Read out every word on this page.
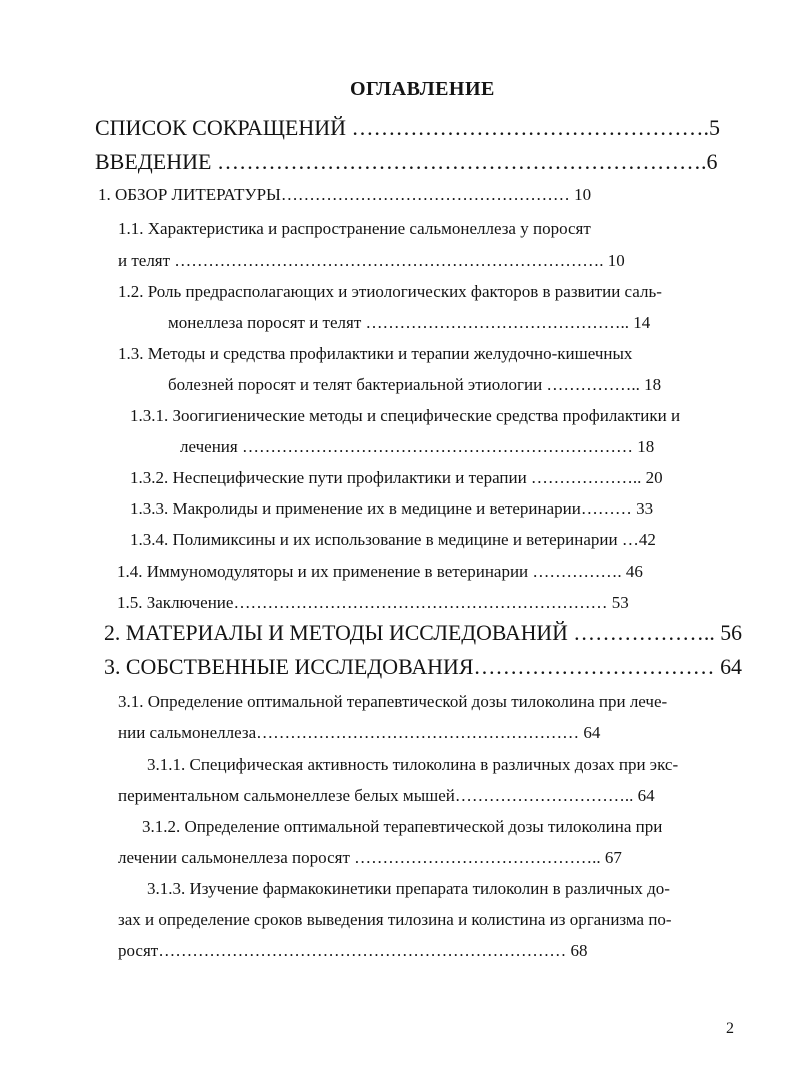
ОГЛАВЛЕНИЕ
СПИСОК СОКРАЩЕНИЙ ………………………………………….5
ВВЕДЕНИЕ ………………………………………………………….6
1. ОБЗОР ЛИТЕРАТУРЫ…………………………………………… 10
1.1. Характеристика и распространение сальмонеллеза у поросят
и телят …………………………………………………………………. 10
1.2. Роль предрасполагающих и этиологических факторов в развитии саль-
монеллеза поросят и телят ……………………………………….. 14
1.3. Методы и средства профилактики и терапии желудочно-кишечных
болезней поросят и телят бактериальной этиологии …………….. 18
1.3.1. Зоогигиенические методы и специфические средства профилактики и
лечения …………………………………………………………… 18
1.3.2. Неспецифические пути профилактики и терапии ……………….. 20
1.3.3. Макролиды и применение их в медицине и ветеринарии……… 33
1.3.4. Полимиксины и их использование в медицине и ветеринарии …42
1.4. Иммуномодуляторы и их применение в ветеринарии ……………. 46
1.5. Заключение………………………………………………………… 53
2. МАТЕРИАЛЫ И МЕТОДЫ ИССЛЕДОВАНИЙ ……………….. 56
3. СОБСТВЕННЫЕ ИССЛЕДОВАНИЯ…………………………… 64
3.1. Определение оптимальной терапевтической дозы тилоколина при лече-
нии сальмонеллеза………………………………………………… 64
3.1.1. Специфическая активность тилоколина в различных дозах при экс-
периментальном сальмонеллезе белых мышей………………………….. 64
3.1.2. Определение оптимальной терапевтической дозы тилоколина при
лечении сальмонеллеза поросят …………………………………….. 67
3.1.3. Изучение фармакокинетики препарата тилоколин в различных до-
зах и определение сроков выведения тилозина и колистина из организма по-
росят……………………………………………………………… 68
2
